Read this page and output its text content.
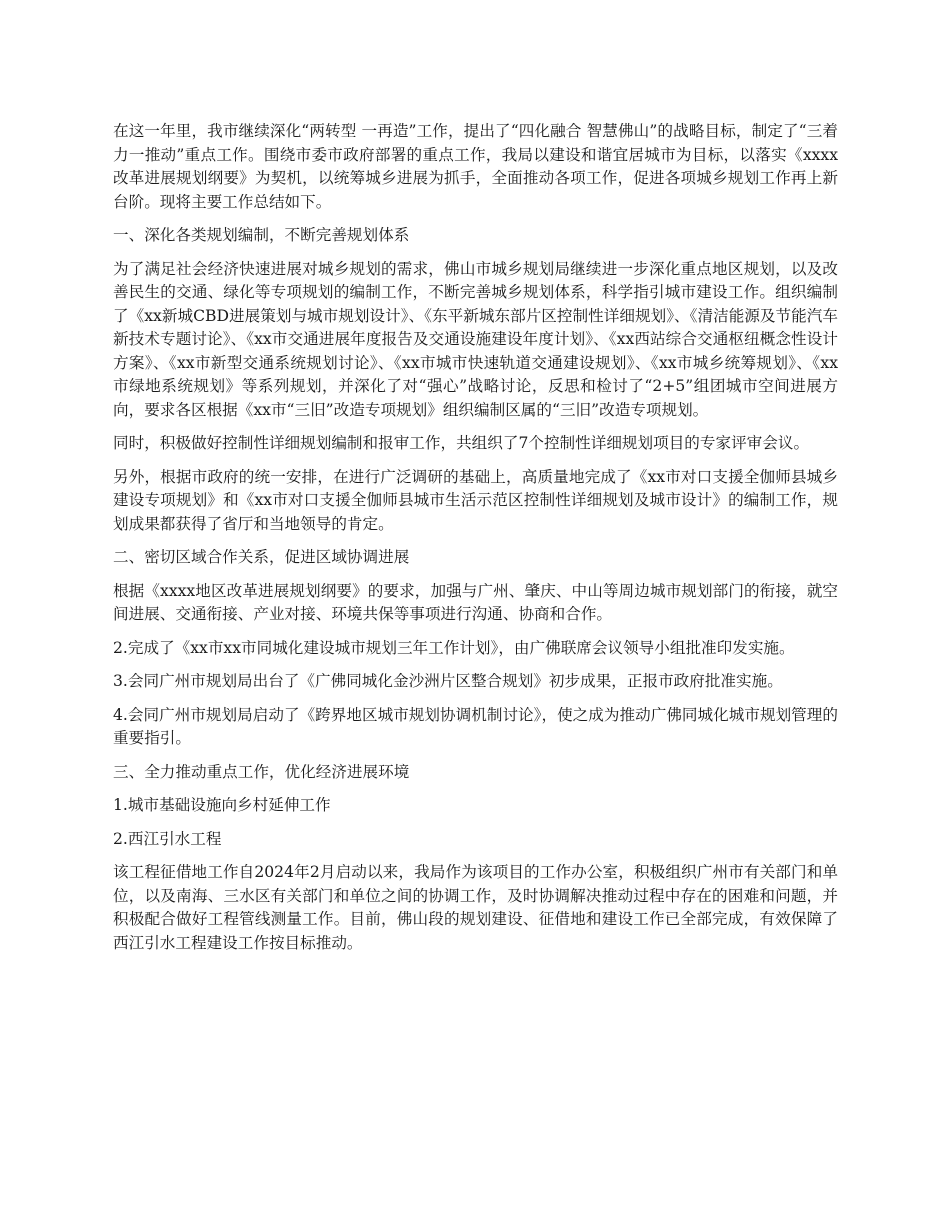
在这一年里，我市继续深化“两转型 一再造”工作，提出了“四化融合 智慧佛山”的战略目标，制定了“三着力一推动”重点工作。围绕市委市政府部署的重点工作，我局以建设和谐宜居城市为目标，以落实《xxxx改革进展规划纲要》为契机，以统筹城乡进展为抓手，全面推动各项工作，促进各项城乡规划工作再上新台阶。现将主要工作总结如下。

一、深化各类规划编制，不断完善规划体系

为了满足社会经济快速进展对城乡规划的需求，佛山市城乡规划局继续进一步深化重点地区规划，以及改善民生的交通、绿化等专项规划的编制工作，不断完善城乡规划体系，科学指引城市建设工作。组织编制了《xx新城CBD进展策划与城市规划设计》、《东平新城东部片区控制性详细规划》、《清洁能源及节能汽车新技术专题讨论》、《xx市交通进展年度报告及交通设施建设年度计划》、《xx西站综合交通枢纽概念性设计方案》、《xx市新型交通系统规划讨论》、《xx市城市快速轨道交通建设规划》、《xx市城乡统筹规划》、《xx市绿地系统规划》等系列规划，并深化了对“强心”战略讨论，反思和检讨了“2+5”组团城市空间进展方向，要求各区根据《xx市“三旧”改造专项规划》组织编制区属的“三旧”改造专项规划。

同时，积极做好控制性详细规划编制和报审工作，共组织了7个控制性详细规划项目的专家评审会议。

另外，根据市政府的统一安排，在进行广泛调研的基础上，高质量地完成了《xx市对口支援全伽师县城乡建设专项规划》和《xx市对口支援全伽师县城市生活示范区控制性详细规划及城市设计》的编制工作，规划成果都获得了省厅和当地领导的肯定。

二、密切区域合作关系，促进区域协调进展

根据《xxxx地区改革进展规划纲要》的要求，加强与广州、肇庆、中山等周边城市规划部门的衔接，就空间进展、交通衔接、产业对接、环境共保等事项进行沟通、协商和合作。

2.完成了《xx市xx市同城化建设城市规划三年工作计划》，由广佛联席会议领导小组批准印发实施。

3.会同广州市规划局出台了《广佛同城化金沙洲片区整合规划》初步成果，正报市政府批准实施。

4.会同广州市规划局启动了《跨界地区城市规划协调机制讨论》，使之成为推动广佛同城化城市规划管理的重要指引。

三、全力推动重点工作，优化经济进展环境

1.城市基础设施向乡村延伸工作

2.西江引水工程

该工程征借地工作自2024年2月启动以来，我局作为该项目的工作办公室，积极组织广州市有关部门和单位，以及南海、三水区有关部门和单位之间的协调工作，及时协调解决推动过程中存在的困难和问题，并积极配合做好工程管线测量工作。目前，佛山段的规划建设、征借地和建设工作已全部完成，有效保障了西江引水工程建设工作按目标推动。
